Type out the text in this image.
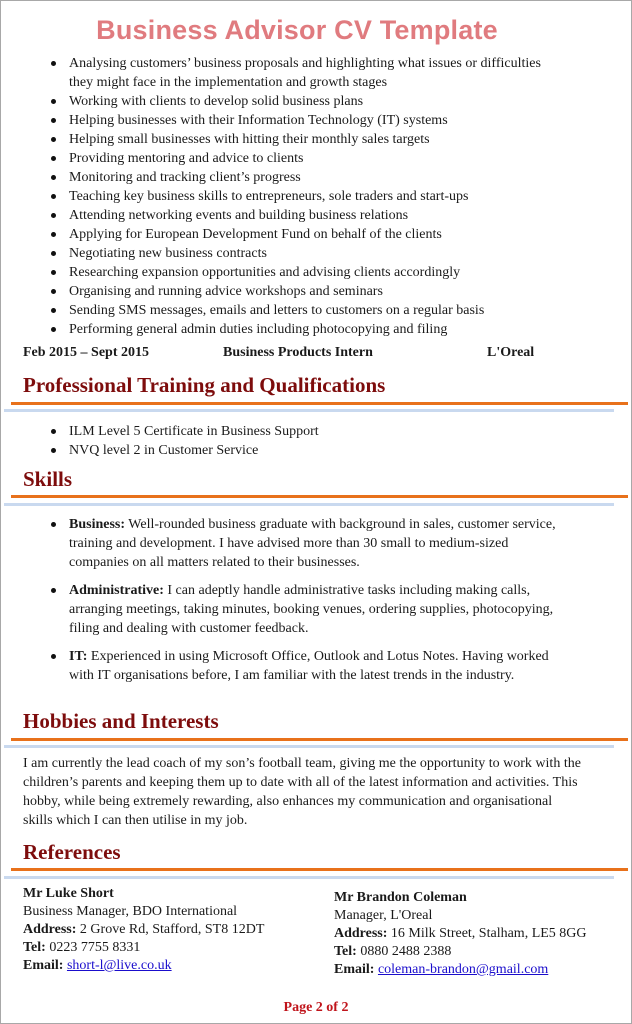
Business Advisor CV Template
Analysing customers’ business proposals and highlighting what issues or difficulties they might face in the implementation and growth stages
Working with clients to develop solid business plans
Helping businesses with their Information Technology (IT) systems
Helping small businesses with hitting their monthly sales targets
Providing mentoring and advice to clients
Monitoring and tracking client’s progress
Teaching key business skills to entrepreneurs, sole traders and start-ups
Attending networking events and building business relations
Applying for European Development Fund on behalf of the clients
Negotiating new business contracts
Researching expansion opportunities and advising clients accordingly
Organising and running advice workshops and seminars
Sending SMS messages, emails and letters to customers on a regular basis
Performing general admin duties including photocopying and filing
Feb 2015 – Sept 2015	Business Products Intern	L'Oreal
Professional Training and Qualifications
ILM Level 5 Certificate in Business Support
NVQ level 2 in Customer Service
Skills
Business: Well-rounded business graduate with background in sales, customer service, training and development. I have advised more than 30 small to medium-sized companies on all matters related to their businesses.
Administrative: I can adeptly handle administrative tasks including making calls, arranging meetings, taking minutes, booking venues, ordering supplies, photocopying, filing and dealing with customer feedback.
IT: Experienced in using Microsoft Office, Outlook and Lotus Notes. Having worked with IT organisations before, I am familiar with the latest trends in the industry.
Hobbies and Interests
I am currently the lead coach of my son’s football team, giving me the opportunity to work with the children’s parents and keeping them up to date with all of the latest information and activities. This hobby, while being extremely rewarding, also enhances my communication and organisational skills which I can then utilise in my job.
References
Mr Luke Short
Business Manager, BDO International
Address: 2 Grove Rd, Stafford, ST8 12DT
Tel: 0223 7755 8331
Email: short-l@live.co.uk
Mr Brandon Coleman
Manager, L'Oreal
Address: 16 Milk Street, Stalham, LE5 8GG
Tel: 0880 2488 2388
Email: coleman-brandon@gmail.com
Page 2 of 2
